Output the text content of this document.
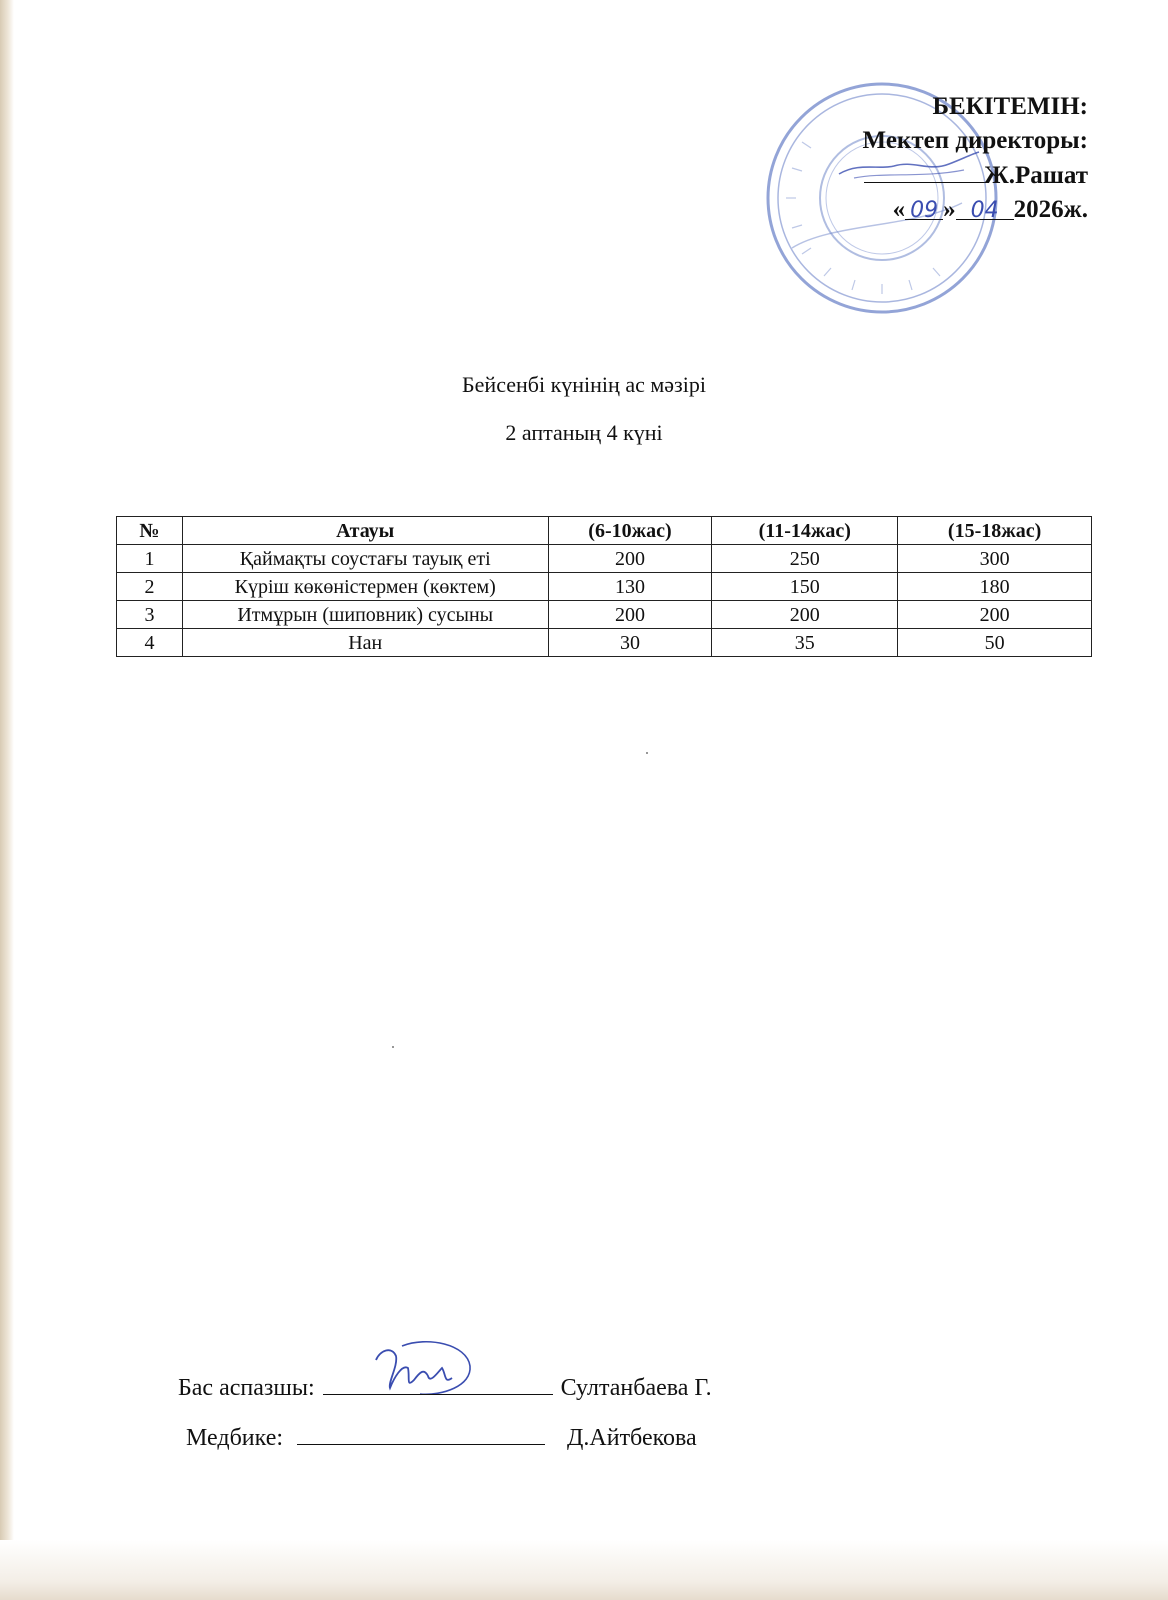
БЕКІТЕМІН:
Мектеп директоры:
Ж.Рашат
« 09 » 04 2026ж.
Бейсенбі күнінің ас мәзірі
2 аптаның 4 күні
№	Атауы	(6-10жас)	(11-14жас)	(15-18жас)
1	Қаймақты соустағы тауық еті	200	250	300
2	Күріш көкөністермен (көктем)	130	150	180
3	Итмұрын (шиповник) сусыны	200	200	200
4	Нан	30	35	50
Бас аспазшы:	Султанбаева Г.
Медбике:	Д.Айтбекова
